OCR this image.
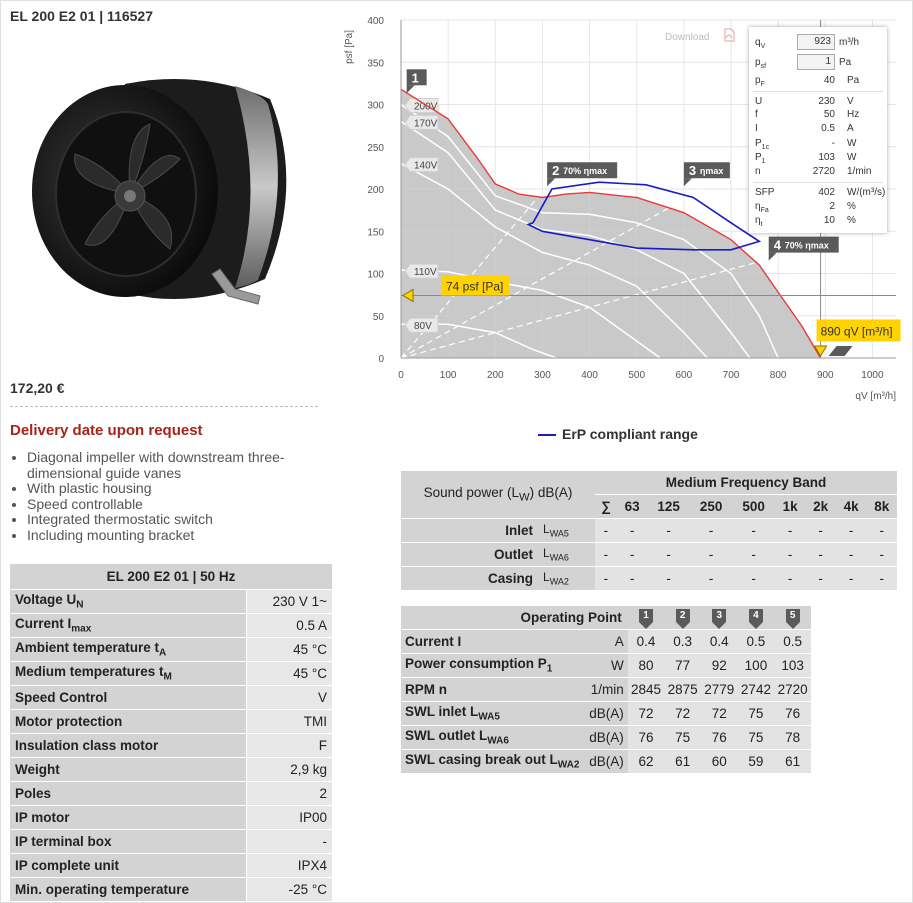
EL 200 E2 01 | 116527
172,20 €
Delivery date upon request
• Diagonal impeller with downstream three-dimensional guide vanes
• With plastic housing
• Speed controllable
• Integrated thermostatic switch
• Including mounting bracket
EL 200 E2 01 | 50 Hz	
Voltage $U_N$	230 V 1~
Current $I_{max}$	0.5 A
Ambient temperature $t_A$	45 °C
Medium temperatures $t_M$	45 °C
Speed Control	V
Motor protection	TMI
Insulation class motor	F
Weight	2,9 kg
Poles	2
IP motor	IP00
IP terminal box	-
IP complete unit	IPX4
Min. operating temperature	-25 °C
Sound power $(L_W)$ dB(A)		Medium Frequency Band								
		∑	63	125	250	500	1k	2k	4k	8k
Inlet	$L_{WA5}$	-	-	-	-	-	-	-	-	-
Outlet	$L_{WA6}$	-	-	-	-	-	-	-	-	-
Casing	$L_{WA2}$	-	-	-	-	-	-	-	-	-
Operating Point		1	2	3	4	5

Current I	A	0.4	0.3	0.4	0.5	0.5
Power consumption $P_1$	W	80	77	92	100	103
RPM n	1/min	2845	2875	2779	2742	2720
SWL inlet $L_{WA5}$	dB(A)	72	72	72	75	76
SWL outlet $L_{WA6}$	dB(A)	76	75	76	75	78
SWL casing break out $L_{WA2}$	dB(A)	62	61	60	59	61
200V
170V
140V
110V
80V
74 psf [Pa]
890 qV [m³/h]
1
2 70% ηmax	3 ηmax
4 70% ηmax
0	100	200	300	400	500	600	700	800	900	1000
0
50
100
150
200
250
300
350
400
qV [m³/h]
psf [Pa]	Download	$q_V$	923 m³/h
$p_{sf}$	1 Pa
$p_F$	40 Pa
U	230 V
f	50 Hz
I	0.5 A
$P_{1c}$	- W
$P_1$	103 W
n	2720 1/min
SFP	402 W/(m³/s)
$\eta_{Fa}$	2 %
$\eta_t$	10 %
ErP compliant range
